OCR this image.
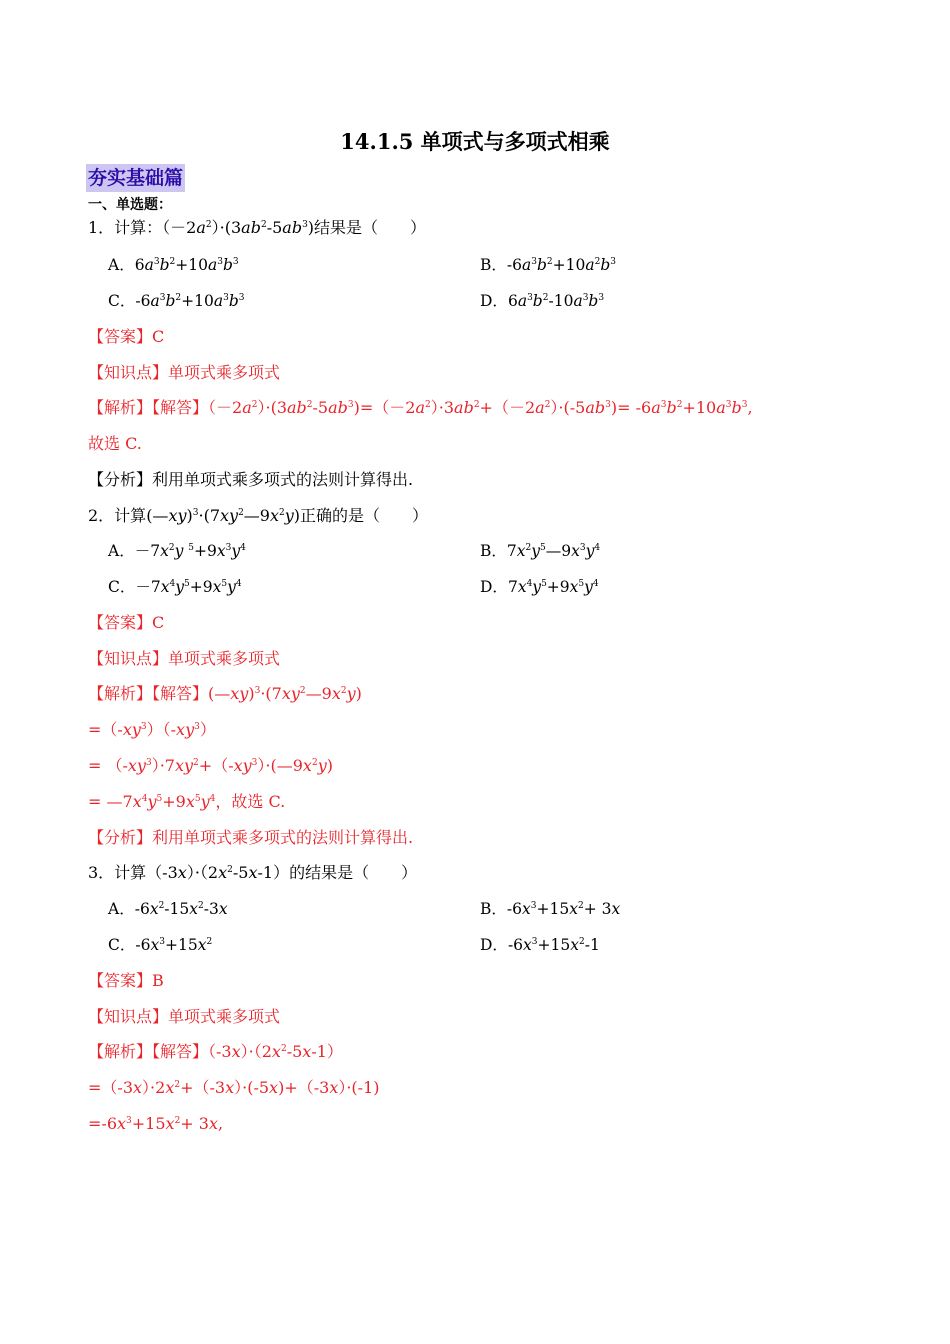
14.1.5 单项式与多项式相乘
夯实基础篇
一、单选题：
1．计算：$(-2a^2)\cdot(3ab^2-5ab^3)$结果是（　　）
A．$6a^3b^2+10a^3b^3$	B．$-6a^3b^2+10a^2b^3$
C．$-6a^3b^2+10a^3b^3$	D．$6a^3b^2-10a^3b^3$
【答案】C
【知识点】单项式乘多项式
【解析】【解答】$(-2a^2)\cdot(3ab^2-5ab^3)=(-2a^2)\cdot 3ab^2+(-2a^2)\cdot(-5ab^3)= -6a^3b^2+10a^3b^3$,
故选 C.
【分析】利用单项式乘多项式的法则计算得出.
2．计算$(—xy)^3\cdot(7xy^2—9x^2y)$正确的是（　　）
A．$-7x^2y$ $^5+9x^3y^4$	B．$7x^2y^5—9x^3y^4$
C．$-7x^4y^5+9x^5y^4$	D．$7x^4y^5+9x^5y^4$
【答案】C
【知识点】单项式乘多项式
【解析】【解答】$(—xy)^3\cdot(7xy^2—9x^2y)$
$=(-xy^3)(-xy^3)$
= $(-xy^3)\cdot 7xy^2+(-xy^3)\cdot(—9x^2y)$
= $—7x^4y^5+9x^5y^4$，故选 C.
【分析】利用单项式乘多项式的法则计算得出.
3．计算$(-3x)\cdot(2x^2-5x-1)$的结果是（　　）
A．$-6x^2-15x^2-3x$	B．$-6x^3+15x^2+ 3x$
C．$-6x^3+15x^2$	D．$-6x^3+15x^2-1$
【答案】B
【知识点】单项式乘多项式
【解析】【解答】$(-3x)\cdot(2x^2-5x-1)$
$=(-3x)\cdot 2x^2+(-3x)\cdot(-5x)+(-3x)\cdot(-1)$
$=-6x^3+15x^2+ 3x$,
